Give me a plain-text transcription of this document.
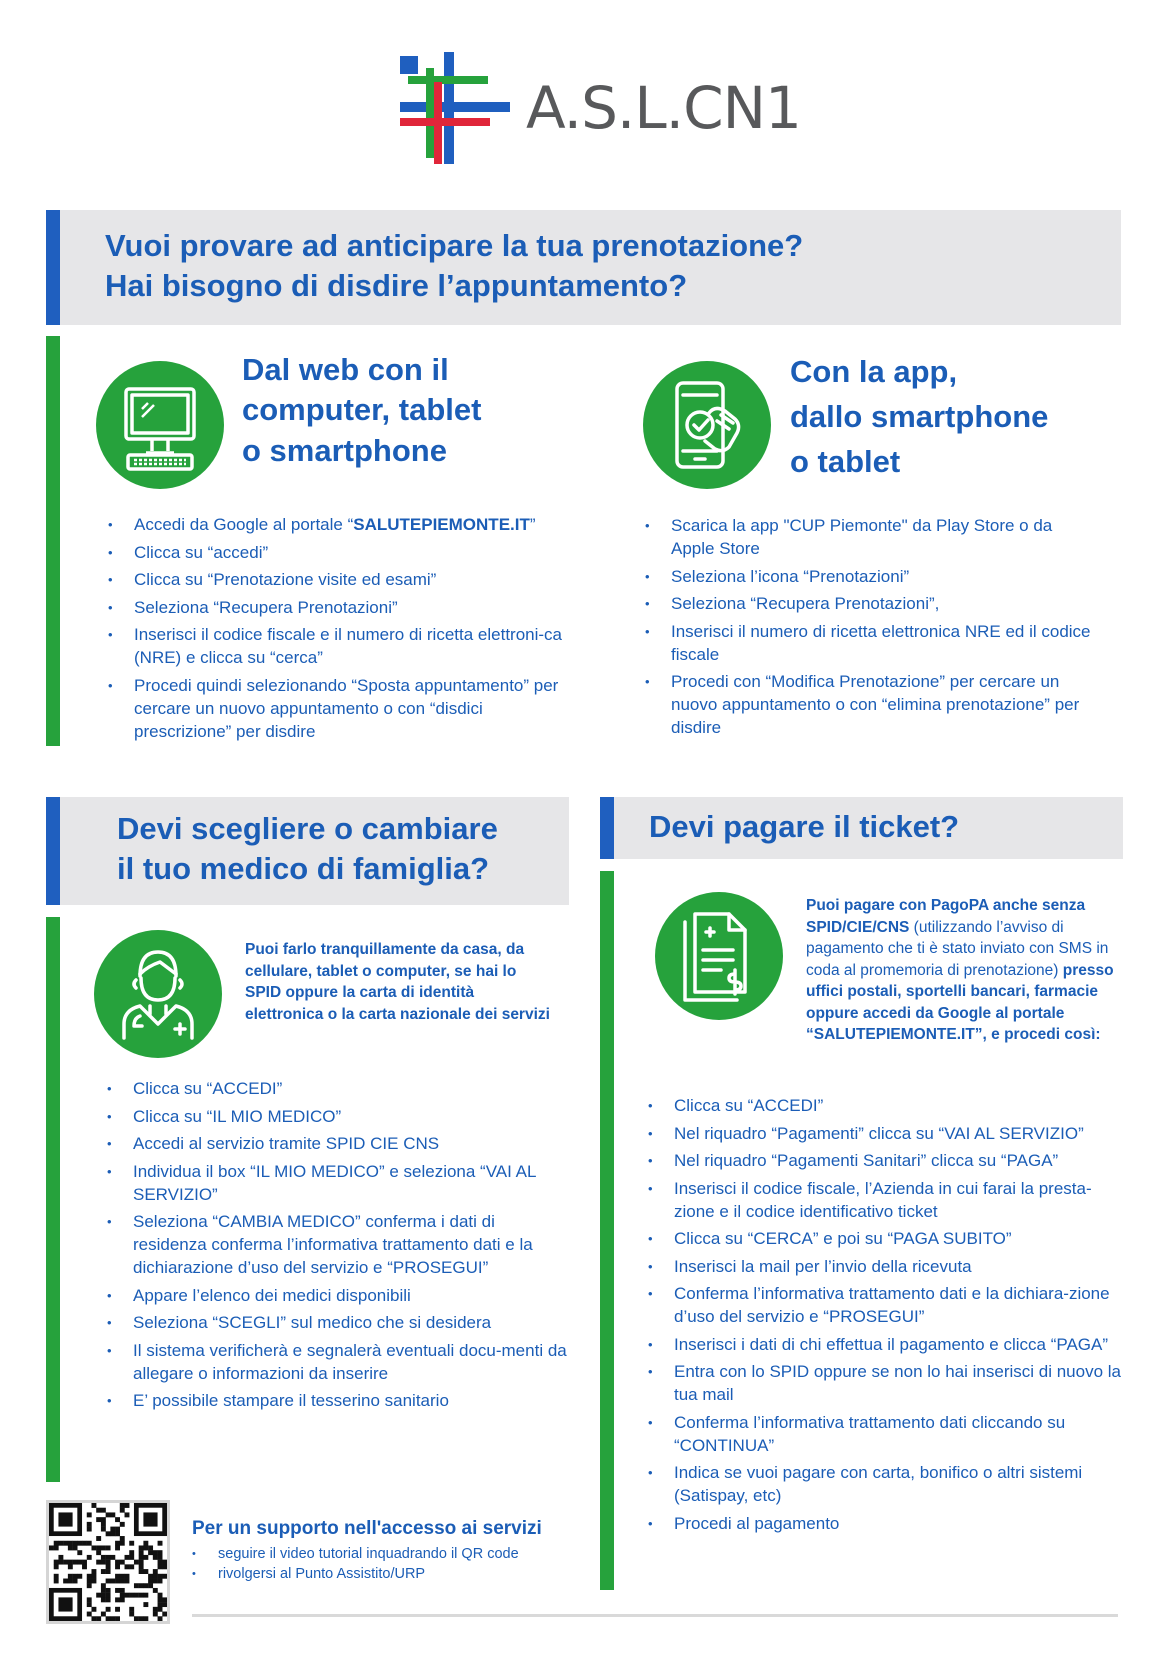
A.S.L.CN1
Vuoi provare ad anticipare la tua prenotazione?
Hai bisogno di disdire l’appuntamento?
Dal web con il
computer, tablet
o smartphone
• Accedi da Google al portale “SALUTEPIEMONTE.IT”
• Clicca su “accedi”
• Clicca su “Prenotazione visite ed esami”
• Seleziona “Recupera Prenotazioni”
• Inserisci il codice fiscale e il numero di ricetta elettroni-ca (NRE) e clicca su “cerca”
• Procedi quindi selezionando “Sposta appuntamento” per cercare un nuovo appuntamento o con “disdici prescrizione” per disdire
Con la app,
dallo smartphone
o tablet
• Scarica la app "CUP Piemonte" da Play Store o da Apple Store
• Seleziona l’icona “Prenotazioni”
• Seleziona “Recupera Prenotazioni”,
• Inserisci il numero di ricetta elettronica NRE ed il codice fiscale
• Procedi con “Modifica Prenotazione” per cercare un nuovo appuntamento o con “elimina prenotazione” per disdire
Devi scegliere o cambiare
il tuo medico di famiglia?
Puoi farlo tranquillamente da casa, da cellulare, tablet o computer, se hai lo SPID oppure la carta di identità elettronica o la carta nazionale dei servizi
• Clicca su “ACCEDI”
• Clicca su “IL MIO MEDICO”
• Accedi al servizio tramite SPID CIE CNS
• Individua il box “IL MIO MEDICO” e seleziona “VAI AL SERVIZIO”
• Seleziona “CAMBIA MEDICO” conferma i dati di residenza conferma l’informativa trattamento dati e la dichiarazione d’uso del servizio e “PROSEGUI”
• Appare l’elenco dei medici disponibili
• Seleziona “SCEGLI” sul medico che si desidera
• Il sistema verificherà e segnalerà eventuali docu-menti da allegare o informazioni da inserire
• E’ possibile stampare il tesserino sanitario
Devi pagare il ticket?
Puoi pagare con PagoPA anche senza SPID/CIE/CNS (utilizzando l’avviso di pagamento che ti è stato inviato con SMS in coda al promemoria di prenotazione) presso uffici postali, sportelli bancari, farmacie oppure accedi da Google al portale “SALUTEPIEMONTE.IT”, e procedi così:
• Clicca su “ACCEDI”
• Nel riquadro “Pagamenti” clicca su “VAI AL SERVIZIO”
• Nel riquadro “Pagamenti Sanitari” clicca su “PAGA”
• Inserisci il codice fiscale, l’Azienda in cui farai la presta-zione e il codice identificativo ticket
• Clicca su “CERCA” e poi su “PAGA SUBITO”
• Inserisci la mail per l’invio della ricevuta
• Conferma l’informativa trattamento dati e la dichiara-zione d’uso del servizio e “PROSEGUI”
• Inserisci i dati di chi effettua il pagamento e clicca “PAGA”
• Entra con lo SPID oppure se non lo hai inserisci di nuovo la tua mail
• Conferma l’informativa trattamento dati cliccando su “CONTINUA”
• Indica se vuoi pagare con carta, bonifico o altri sistemi (Satispay, etc)
• Procedi al pagamento
Per un supporto nell'accesso ai servizi
• seguire il video tutorial inquadrando il QR code
• rivolgersi al Punto Assistito/URP
